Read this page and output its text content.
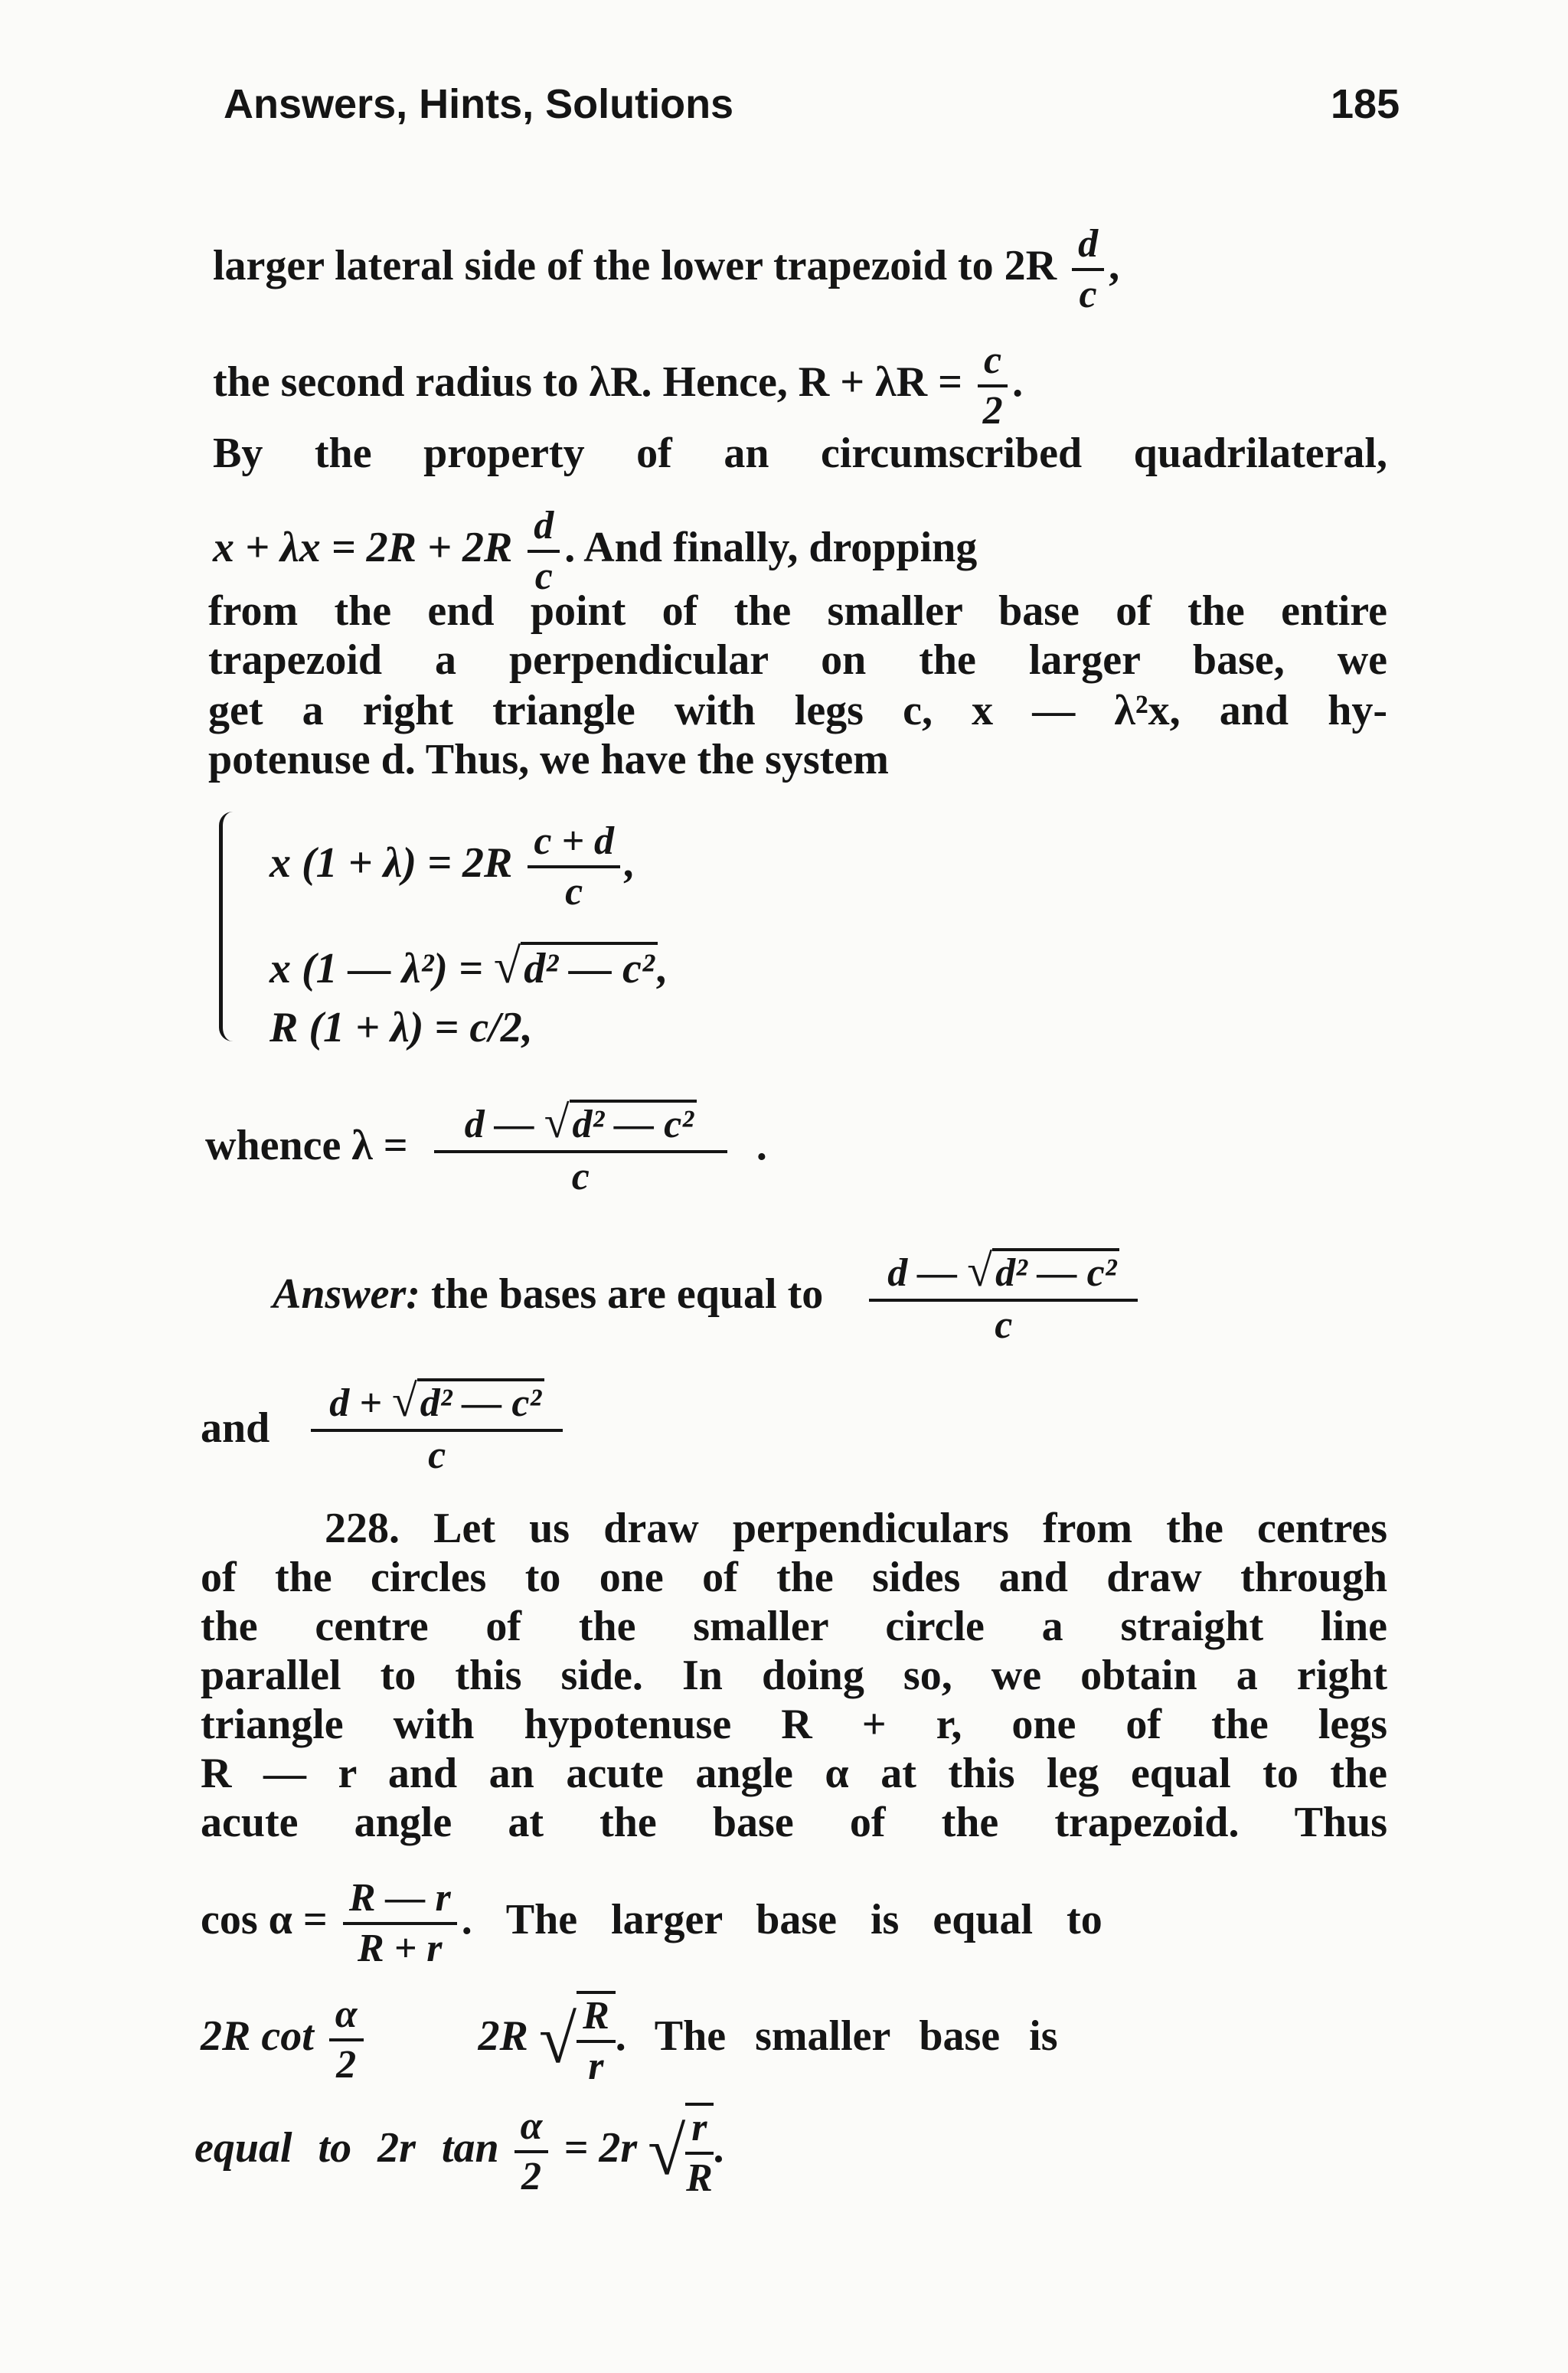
Answers, Hints, Solutions	185
larger lateral side of the lower trapezoid to $2R \frac{d}{c}$ ,
the second radius to λR. Hence, $R + \lambda R = \frac{c}{2}$ .
By the property of an circumscribed quadrilateral,
$x + \lambda x = 2R + 2R \frac{d}{c}$ . And finally, dropping
from the end point of the smaller base of the entire
trapezoid a perpendicular on the larger base, we
get a right triangle with legs c, x — λ²x, and hy-
potenuse d. Thus, we have the system
x $(1 + \lambda) = 2R \frac{c + d}{c}$ ,
x (1 — λ²) = √d² — c²,
R (1 + λ) = c/2,
whence $\lambda = \frac{\text{d — √d² — c²}}{c}$ .
Answer: the bases are equal to $\frac{\text{d — √d² — c²}}{c}$
and $\frac{\text{d + √d² — c²}}{c}$
228. Let us draw perpendiculars from the centres
of the circles to one of the sides and draw through
the centre of the smaller circle a straight line
parallel to this side. In doing so, we obtain a right
triangle with hypotenuse R + r, one of the legs
R — r and an acute angle α at this leg equal to the
acute angle at the base of the trapezoid. Thus
$\cos \alpha = \frac{R — r}{R + r}$ . The larger base is equal to
2R $\cot \frac{\alpha}{2}$	2R √ $\frac{R}{r}$ . The smaller base is
equal to 2r $\tan \frac{\alpha}{2} = 2r$ √ $\frac{r}{R}$ .
